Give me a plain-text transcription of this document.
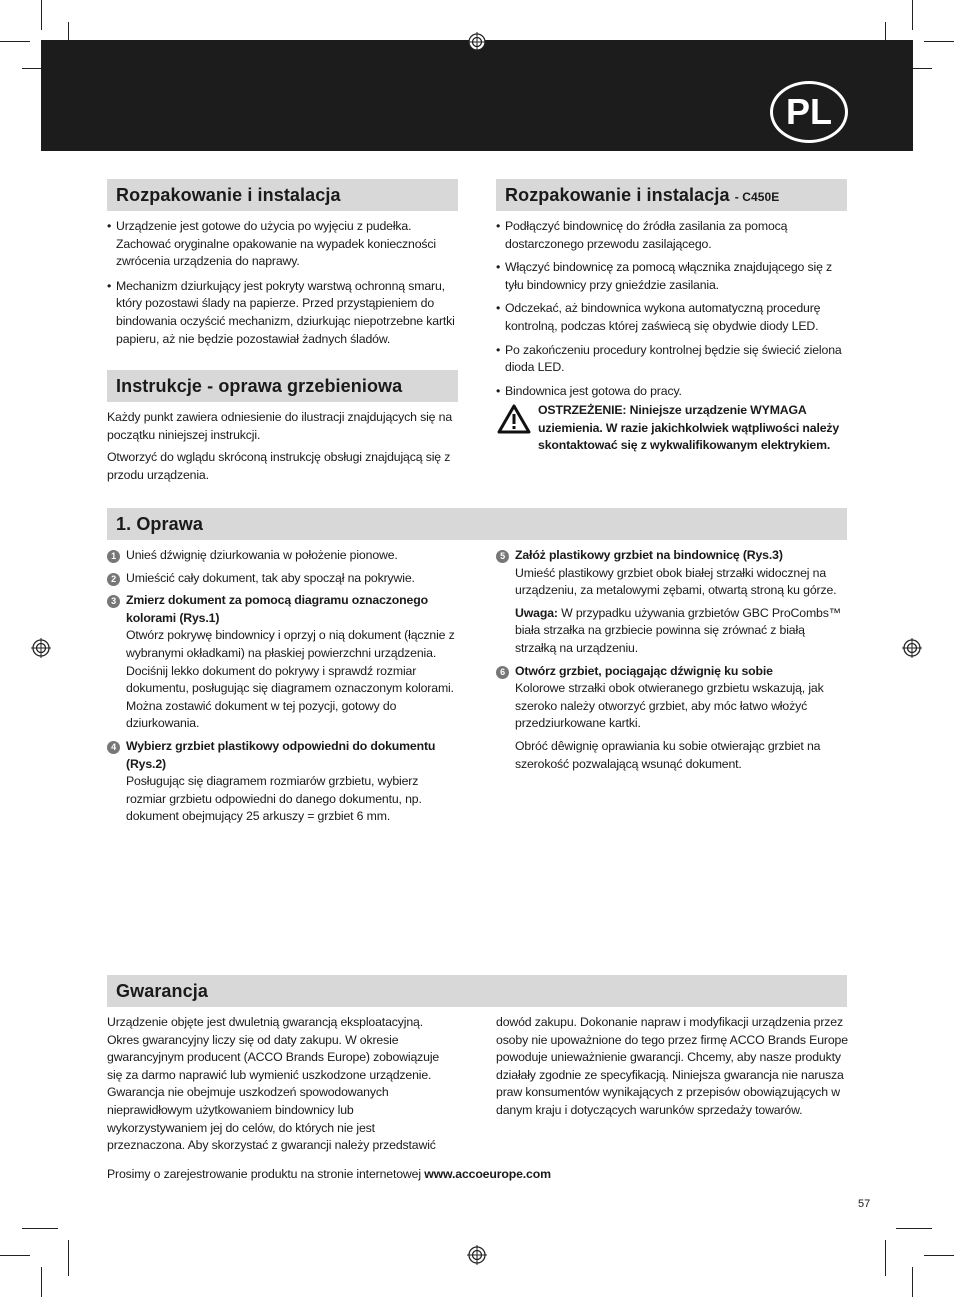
PL
Rozpakowanie i instalacja
• Urządzenie jest gotowe do użycia po wyjęciu z pudełka. Zachować oryginalne opakowanie na wypadek konieczności zwrócenia urządzenia do naprawy.
• Mechanizm dziurkujący jest pokryty warstwą ochronną smaru, który pozostawi ślady na papierze. Przed przystąpieniem do bindowania oczyścić mechanizm, dziurkując niepotrzebne kartki papieru, aż nie będzie pozostawiał żadnych śladów.
Instrukcje - oprawa grzebieniowa

Każdy punkt zawiera odniesienie do ilustracji znajdujących się na początku niniejszej instrukcji.

Otworzyć do wglądu skróconą instrukcję obsługi znajdującą się z przodu urządzenia.

Rozpakowanie i instalacja - C450E
• Podłączyć bindownicę do źródła zasilania za pomocą dostarczonego przewodu zasilającego.
• Włączyć bindownicę za pomocą włącznika znajdującego się z tyłu bindownicy przy gnieździe zasilania.
• Odczekać, aż bindownica wykona automatyczną procedurę kontrolną, podczas której zaświecą się obydwie diody LED.
• Po zakończeniu procedury kontrolnej będzie się świecić zielona dioda LED.
• Bindownica jest gotowa do pracy.
OSTRZEŻENIE: Niniejsze urządzenie WYMAGA uziemienia. W razie jakichkolwiek wątpliwości należy skontaktować się z wykwalifikowanym elektrykiem.
1. Oprawa
1 Unieś dźwignię dziurkowania w położenie pionowe.
2 Umieścić cały dokument, tak aby spoczął na pokrywie.
3 Zmierz dokument za pomocą diagramu oznaczonego kolorami (Rys.1)
Otwórz pokrywę bindownicy i oprzyj o nią dokument (łącznie z wybranymi okładkami) na płaskiej powierzchni urządzenia. Dociśnij lekko dokument do pokrywy i sprawdź rozmiar dokumentu, posługując się diagramem oznaczonym kolorami. Można zostawić dokument w tej pozycji, gotowy do dziurkowania.
4 Wybierz grzbiet plastikowy odpowiedni do dokumentu (Rys.2)
Posługując się diagramem rozmiarów grzbietu, wybierz rozmiar grzbietu odpowiedni do danego dokumentu, np. dokument obejmujący 25 arkuszy = grzbiet 6 mm.
5 Załóż plastikowy grzbiet na bindownicę (Rys.3)
Umieść plastikowy grzbiet obok białej strzałki widocznej na urządzeniu, za metalowymi zębami, otwartą stroną ku górze.
Uwaga: W przypadku używania grzbietów GBC ProCombs™ biała strzałka na grzbiecie powinna się zrównać z białą strzałką na urządzeniu.
6 Otwórz grzbiet, pociągając dźwignię ku sobie
Kolorowe strzałki obok otwieranego grzbietu wskazują, jak szeroko należy otworzyć grzbiet, aby móc łatwo włożyć przedziurkowane kartki.
Obróć dêwignię oprawiania ku sobie otwierając grzbiet na szerokość pozwalającą wsunąć dokument.
Gwarancja
Urządzenie objęte jest dwuletnią gwarancją eksploatacyjną. Okres gwarancyjny liczy się od daty zakupu. W okresie gwarancyjnym producent (ACCO Brands Europe) zobowiązuje się za darmo naprawić lub wymienić uszkodzone urządzenie. Gwarancja nie obejmuje uszkodzeń spowodowanych nieprawidłowym użytkowaniem bindownicy lub wykorzystywaniem jej do celów, do których nie jest przeznaczona. Aby skorzystać z gwarancji należy przedstawić
dowód zakupu. Dokonanie napraw i modyfikacji urządzenia przez osoby nie upoważnione do tego przez firmę ACCO Brands Europe powoduje unieważnienie gwarancji. Chcemy, aby nasze produkty działały zgodnie ze specyfikacją. Niniejsza gwarancja nie narusza praw konsumentów wynikających z przepisów obowiązujących w danym kraju i dotyczących warunków sprzedaży towarów.
Prosimy o zarejestrowanie produktu na stronie internetowej www.accoeurope.com
57
